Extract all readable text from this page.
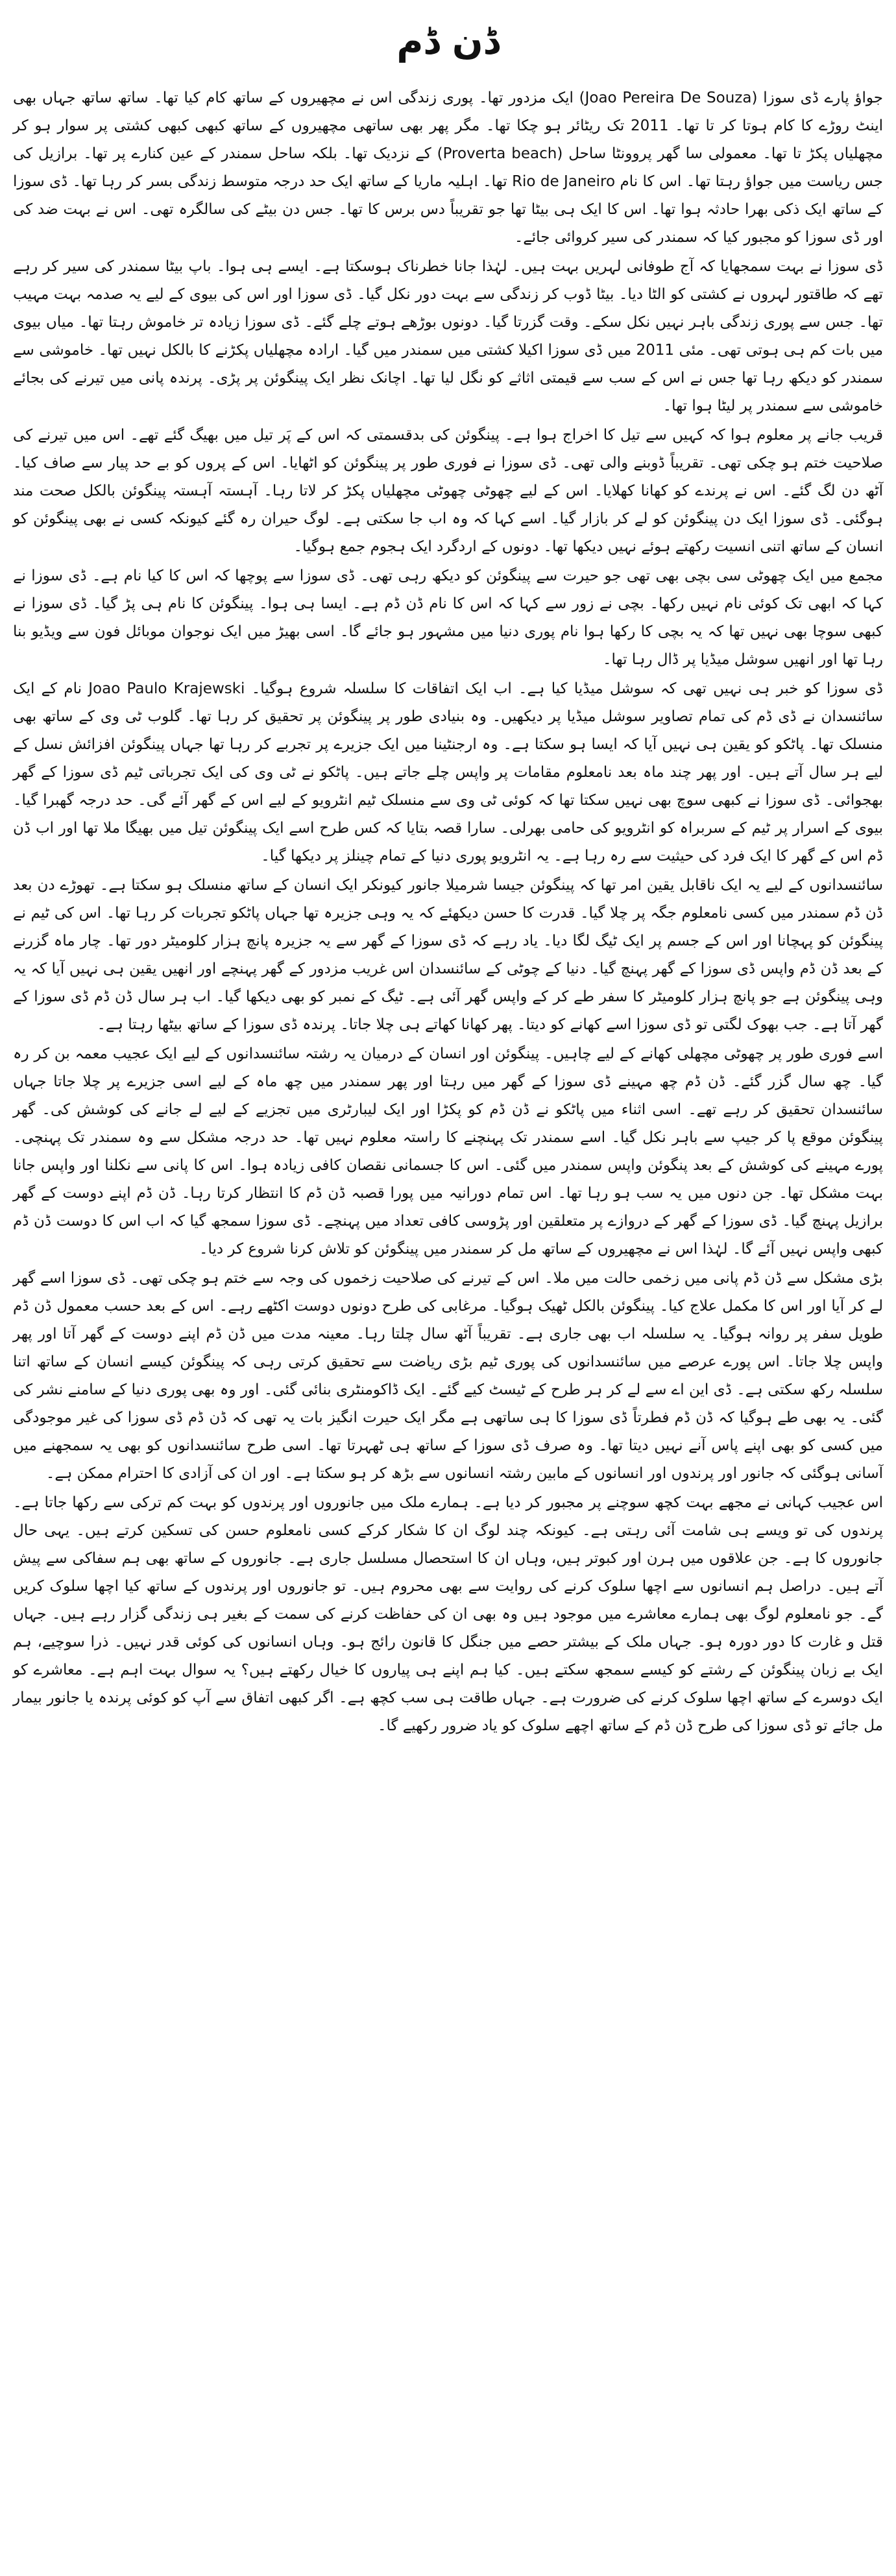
ڈن ڈم

جواؤ پارے ڈی سوزا (Joao Pereira De Souza) ایک مزدور تھا۔ پوری زندگی اس نے مچھیروں کے ساتھ کام کیا تھا۔ ساتھ ساتھ جہاں بھی اینٹ روڑے کا کام ہوتا کر تا تھا۔ 2011 تک ریٹائر ہو چکا تھا۔ مگر پھر بھی ساتھی مچھیروں کے ساتھ کبھی کبھی کشتی پر سوار ہو کر مچھلیاں پکڑ تا تھا۔ معمولی سا گھر پروونٹا ساحل (Proverta beach) کے نزدیک تھا۔ بلکہ ساحل سمندر کے عین کنارے پر تھا۔ برازیل کی جس ریاست میں جواؤ رہتا تھا۔ اس کا نام Rio de Janeiro تھا۔ اہلیہ ماریا کے ساتھ ایک حد درجہ متوسط زندگی بسر کر رہا تھا۔ ڈی سوزا کے ساتھ ایک ذکی بھرا حادثہ ہوا تھا۔ اس کا ایک ہی بیٹا تھا جو تقریباً دس برس کا تھا۔ جس دن بیٹے کی سالگرہ تھی۔ اس نے بہت ضد کی اور ڈی سوزا کو مجبور کیا کہ سمندر کی سیر کروائی جائے۔

ڈی سوزا نے بہت سمجھایا کہ آج طوفانی لہریں بہت ہیں۔ لہٰذا جانا خطرناک ہوسکتا ہے۔ ایسے ہی ہوا۔ باپ بیٹا سمندر کی سیر کر رہے تھے کہ طاقتور لہروں نے کشتی کو الٹا دیا۔ بیٹا ڈوب کر زندگی سے بہت دور نکل گیا۔ ڈی سوزا اور اس کی بیوی کے لیے یہ صدمہ بہت مہیب تھا۔ جس سے پوری زندگی باہر نہیں نکل سکے۔ وقت گزرتا گیا۔ دونوں بوڑھے ہوتے چلے گئے۔ ڈی سوزا زیادہ تر خاموش رہتا تھا۔ میاں بیوی میں بات کم ہی ہوتی تھی۔ مئی 2011 میں ڈی سوزا اکیلا کشتی میں سمندر میں گیا۔ ارادہ مچھلیاں پکڑنے کا بالکل نہیں تھا۔ خاموشی سے سمندر کو دیکھ رہا تھا جس نے اس کے سب سے قیمتی اثاثے کو نگل لیا تھا۔ اچانک نظر ایک پینگوئن پر پڑی۔ پرندہ پانی میں تیرنے کی بجائے خاموشی سے سمندر پر لیٹا ہوا تھا۔

قریب جانے پر معلوم ہوا کہ کہیں سے تیل کا اخراج ہوا ہے۔ پینگوئن کی بدقسمتی کہ اس کے پَر تیل میں بھیگ گئے تھے۔ اس میں تیرنے کی صلاحیت ختم ہو چکی تھی۔ تقریباً ڈوبنے والی تھی۔ ڈی سوزا نے فوری طور پر پینگوئن کو اٹھایا۔ اس کے پروں کو بے حد پیار سے صاف کیا۔ آٹھ دن لگ گئے۔ اس نے پرندے کو کھانا کھلایا۔ اس کے لیے چھوٹی چھوٹی مچھلیاں پکڑ کر لاتا رہا۔ آہستہ آہستہ پینگوئن بالکل صحت مند ہوگئی۔ ڈی سوزا ایک دن پینگوئن کو لے کر بازار گیا۔ اسے کہا کہ وہ اب جا سکتی ہے۔ لوگ حیران رہ گئے کیونکہ کسی نے بھی پینگوئن کو انسان کے ساتھ اتنی انسیت رکھتے ہوئے نہیں دیکھا تھا۔ دونوں کے اردگرد ایک ہجوم جمع ہوگیا۔

مجمع میں ایک چھوٹی سی بچی بھی تھی جو حیرت سے پینگوئن کو دیکھ رہی تھی۔ ڈی سوزا سے پوچھا کہ اس کا کیا نام ہے۔ ڈی سوزا نے کہا کہ ابھی تک کوئی نام نہیں رکھا۔ بچی نے زور سے کہا کہ اس کا نام ڈن ڈم ہے۔ ایسا ہی ہوا۔ پینگوئن کا نام ہی پڑ گیا۔ ڈی سوزا نے کبھی سوچا بھی نہیں تھا کہ یہ بچی کا رکھا ہوا نام پوری دنیا میں مشہور ہو جائے گا۔ اسی بھیڑ میں ایک نوجوان موبائل فون سے ویڈیو بنا رہا تھا اور انھیں سوشل میڈیا پر ڈال رہا تھا۔

ڈی سوزا کو خبر ہی نہیں تھی کہ سوشل میڈیا کیا ہے۔ اب ایک اتفاقات کا سلسلہ شروع ہوگیا۔ Joao Paulo Krajewski نام کے ایک سائنسدان نے ڈی ڈم کی تمام تصاویر سوشل میڈیا پر دیکھیں۔ وہ بنیادی طور پر پینگوئن پر تحقیق کر رہا تھا۔ گلوب ٹی وی کے ساتھ بھی منسلک تھا۔ پاٹکو کو یقین ہی نہیں آیا کہ ایسا ہو سکتا ہے۔ وہ ارجنٹینا میں ایک جزیرے پر تجربے کر رہا تھا جہاں پینگوئن افزائش نسل کے لیے ہر سال آتے ہیں۔ اور پھر چند ماہ بعد نامعلوم مقامات پر واپس چلے جاتے ہیں۔ پاٹکو نے ٹی وی کی ایک تجرباتی ٹیم ڈی سوزا کے گھر بھجوائی۔ ڈی سوزا نے کبھی سوچ بھی نہیں سکتا تھا کہ کوئی ٹی وی سے منسلک ٹیم انٹرویو کے لیے اس کے گھر آئے گی۔ حد درجہ گھبرا گیا۔ بیوی کے اسرار پر ٹیم کے سربراہ کو انٹرویو کی حامی بھرلی۔ سارا قصہ بتایا کہ کس طرح اسے ایک پینگوئن تیل میں بھیگا ملا تھا اور اب ڈن ڈم اس کے گھر کا ایک فرد کی حیثیت سے رہ رہا ہے۔ یہ انٹرویو پوری دنیا کے تمام چینلز پر دیکھا گیا۔

سائنسدانوں کے لیے یہ ایک ناقابل یقین امر تھا کہ پینگوئن جیسا شرمیلا جانور کیونکر ایک انسان کے ساتھ منسلک ہو سکتا ہے۔ تھوڑے دن بعد ڈن ڈم سمندر میں کسی نامعلوم جگہ پر چلا گیا۔ قدرت کا حسن دیکھئے کہ یہ وہی جزیرہ تھا جہاں پاٹکو تجربات کر رہا تھا۔ اس کی ٹیم نے پینگوئن کو پہچانا اور اس کے جسم پر ایک ٹیگ لگا دیا۔ یاد رہے کہ ڈی سوزا کے گھر سے یہ جزیرہ پانچ ہزار کلومیٹر دور تھا۔ چار ماہ گزرنے کے بعد ڈن ڈم واپس ڈی سوزا کے گھر پہنچ گیا۔ دنیا کے چوٹی کے سائنسدان اس غریب مزدور کے گھر پہنچے اور انھیں یقین ہی نہیں آیا کہ یہ وہی پینگوئن ہے جو پانچ ہزار کلومیٹر کا سفر طے کر کے واپس گھر آئی ہے۔ ٹیگ کے نمبر کو بھی دیکھا گیا۔ اب ہر سال ڈن ڈم ڈی سوزا کے گھر آتا ہے۔ جب بھوک لگتی تو ڈی سوزا اسے کھانے کو دیتا۔ پھر کھانا کھاتے ہی چلا جاتا۔ پرندہ ڈی سوزا کے ساتھ بیٹھا رہتا ہے۔

اسے فوری طور پر چھوٹی مچھلی کھانے کے لیے چاہیں۔ پینگوئن اور انسان کے درمیان یہ رشتہ سائنسدانوں کے لیے ایک عجیب معمہ بن کر رہ گیا۔ چھ سال گزر گئے۔ ڈن ڈم چھ مہینے ڈی سوزا کے گھر میں رہتا اور پھر سمندر میں چھ ماہ کے لیے اسی جزیرے پر چلا جاتا جہاں سائنسدان تحقیق کر رہے تھے۔ اسی اثناء میں پاٹکو نے ڈن ڈم کو پکڑا اور ایک لیبارٹری میں تجزیے کے لیے لے جانے کی کوشش کی۔ گھر پینگوئن موقع پا کر جیپ سے باہر نکل گیا۔ اسے سمندر تک پہنچنے کا راستہ معلوم نہیں تھا۔ حد درجہ مشکل سے وہ سمندر تک پہنچی۔ پورے مہینے کی کوشش کے بعد پنگوئن واپس سمندر میں گئی۔ اس کا جسمانی نقصان کافی زیادہ ہوا۔ اس کا پانی سے نکلنا اور واپس جانا بہت مشکل تھا۔ جن دنوں میں یہ سب ہو رہا تھا۔ اس تمام دورانیہ میں پورا قصبہ ڈن ڈم کا انتظار کرتا رہا۔ ڈن ڈم اپنے دوست کے گھر برازیل پہنچ گیا۔ ڈی سوزا کے گھر کے دروازے پر متعلقین اور پڑوسی کافی تعداد میں پہنچے۔ ڈی سوزا سمجھ گیا کہ اب اس کا دوست ڈن ڈم کبھی واپس نہیں آئے گا۔ لہٰذا اس نے مچھیروں کے ساتھ مل کر سمندر میں پینگوئن کو تلاش کرنا شروع کر دیا۔

بڑی مشکل سے ڈن ڈم پانی میں زخمی حالت میں ملا۔ اس کے تیرنے کی صلاحیت زخموں کی وجہ سے ختم ہو چکی تھی۔ ڈی سوزا اسے گھر لے کر آیا اور اس کا مکمل علاج کیا۔ پینگوئن بالکل ٹھیک ہوگیا۔ مرغابی کی طرح دونوں دوست اکٹھے رہے۔ اس کے بعد حسب معمول ڈن ڈم طویل سفر پر روانہ ہوگیا۔ یہ سلسلہ اب بھی جاری ہے۔ تقریباً آٹھ سال چلتا رہا۔ معینہ مدت میں ڈن ڈم اپنے دوست کے گھر آتا اور پھر واپس چلا جاتا۔ اس پورے عرصے میں سائنسدانوں کی پوری ٹیم بڑی ریاضت سے تحقیق کرتی رہی کہ پینگوئن کیسے انسان کے ساتھ اتنا سلسلہ رکھ سکتی ہے۔ ڈی این اے سے لے کر ہر طرح کے ٹیسٹ کیے گئے۔ ایک ڈاکومنٹری بنائی گئی۔ اور وہ بھی پوری دنیا کے سامنے نشر کی گئی۔ یہ بھی طے ہوگیا کہ ڈن ڈم فطرتاً ڈی سوزا کا ہی ساتھی ہے مگر ایک حیرت انگیز بات یہ تھی کہ ڈن ڈم ڈی سوزا کی غیر موجودگی میں کسی کو بھی اپنے پاس آنے نہیں دیتا تھا۔ وہ صرف ڈی سوزا کے ساتھ ہی ٹھہرتا تھا۔ اسی طرح سائنسدانوں کو بھی یہ سمجھنے میں آسانی ہوگئی کہ جانور اور پرندوں اور انسانوں کے مابین رشتہ انسانوں سے بڑھ کر ہو سکتا ہے۔ اور ان کی آزادی کا احترام ممکن ہے۔

اس عجیب کہانی نے مجھے بہت کچھ سوچنے پر مجبور کر دیا ہے۔ ہمارے ملک میں جانوروں اور پرندوں کو بہت کم ترکی سے رکھا جاتا ہے۔ پرندوں کی تو ویسے ہی شامت آئی رہتی ہے۔ کیونکہ چند لوگ ان کا شکار کرکے کسی نامعلوم حسن کی تسکین کرتے ہیں۔ یہی حال جانوروں کا ہے۔ جن علاقوں میں ہرن اور کبوتر ہیں، وہاں ان کا استحصال مسلسل جاری ہے۔ جانوروں کے ساتھ بھی ہم سفاکی سے پیش آتے ہیں۔ دراصل ہم انسانوں سے اچھا سلوک کرنے کی روایت سے بھی محروم ہیں۔ تو جانوروں اور پرندوں کے ساتھ کیا اچھا سلوک کریں گے۔ جو نامعلوم لوگ بھی ہمارے معاشرے میں موجود ہیں وہ بھی ان کی حفاظت کرنے کی سمت کے بغیر ہی زندگی گزار رہے ہیں۔ جہاں قتل و غارت کا دور دورہ ہو۔ جہاں ملک کے بیشتر حصے میں جنگل کا قانون رائج ہو۔ وہاں انسانوں کی کوئی قدر نہیں۔ ذرا سوچیے، ہم ایک بے زبان پینگوئن کے رشتے کو کیسے سمجھ سکتے ہیں۔ کیا ہم اپنے ہی پیاروں کا خیال رکھتے ہیں؟ یہ سوال بہت اہم ہے۔ معاشرے کو ایک دوسرے کے ساتھ اچھا سلوک کرنے کی ضرورت ہے۔ جہاں طاقت ہی سب کچھ ہے۔ اگر کبھی اتفاق سے آپ کو کوئی پرندہ یا جانور بیمار مل جائے تو ڈی سوزا کی طرح ڈن ڈم کے ساتھ اچھے سلوک کو یاد ضرور رکھیے گا۔
